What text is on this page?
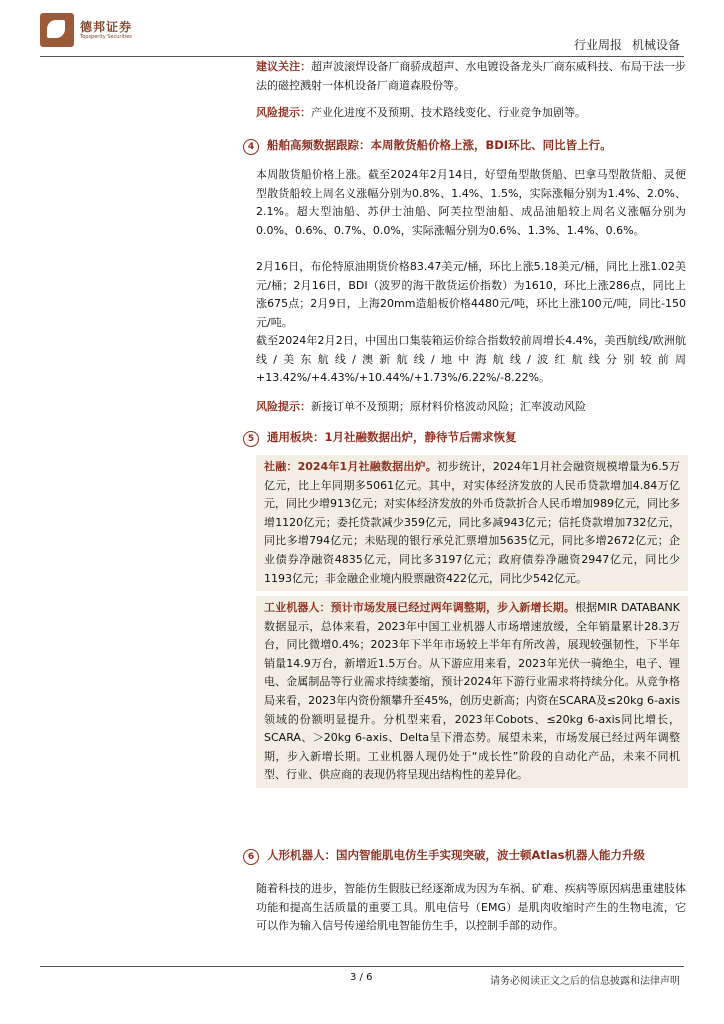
德邦证券
Topsperity Securities
行业周报 机械设备
建议关注：超声波滚焊设备厂商骄成超声、水电镀设备龙头厂商东威科技、布局干法一步法的磁控溅射一体机设备厂商道森股份等。
风险提示：产业化进度不及预期、技术路线变化、行业竞争加剧等。
4 船舶高频数据跟踪：本周散货船价格上涨，BDI环比、同比皆上行。
本周散货船价格上涨。截至2024年2月14日，好望角型散货船、巴拿马型散货船、灵便型散货船较上周名义涨幅分别为0.8%、1.4%、1.5%，实际涨幅分别为1.4%、2.0%、2.1%。超大型油船、苏伊士油船、阿芙拉型油船、成品油船较上周名义涨幅分别为0.0%、0.6%、0.7%、0.0%，实际涨幅分别为0.6%、1.3%、1.4%、0.6%。
2月16日，布伦特原油期货价格83.47美元/桶，环比上涨5.18美元/桶，同比上涨1.02美元/桶；2月16日，BDI（波罗的海干散货运价指数）为1610，环比上涨286点，同比上涨675点；2月9日，上海20mm造船板价格4480元/吨，环比上涨100元/吨，同比-150元/吨。
截至2024年2月2日，中国出口集装箱运价综合指数较前周增长4.4%，美西航线/欧洲航线/美东航线/澳新航线/地中海航线/波红航线分别较前周+13.42%/+4.43%/+10.44%/+1.73%/6.22%/-8.22%。
风险提示：新接订单不及预期；原材料价格波动风险；汇率波动风险
5 通用板块：1月社融数据出炉，静待节后需求恢复
社融：2024年1月社融数据出炉。初步统计，2024年1月社会融资规模增量为6.5万亿元，比上年同期多5061亿元。其中，对实体经济发放的人民币贷款增加4.84万亿元，同比少增913亿元；对实体经济发放的外币贷款折合人民币增加989亿元，同比多增1120亿元；委托贷款减少359亿元，同比多减943亿元；信托贷款增加732亿元，同比多增794亿元；未贴现的银行承兑汇票增加5635亿元，同比多增2672亿元；企业债券净融资4835亿元，同比多3197亿元；政府债券净融资2947亿元，同比少1193亿元；非金融企业境内股票融资422亿元，同比少542亿元。
工业机器人：预计市场发展已经过两年调整期，步入新增长期。根据MIR DATABANK数据显示，总体来看，2023年中国工业机器人市场增速放缓，全年销量累计28.3万台，同比微增0.4%；2023年下半年市场较上半年有所改善，展现较强韧性，下半年销量14.9万台，新增近1.5万台。从下游应用来看，2023年光伏一骑绝尘，电子、锂电、金属制品等行业需求持续萎缩，预计2024年下游行业需求将持续分化。从竞争格局来看，2023年内资份额攀升至45%，创历史新高；内资在SCARA及≤20kg 6-axis领域的份额明显提升。分机型来看，2023年Cobots、≤20kg 6-axis同比增长，SCARA、＞20kg 6-axis、Delta呈下滑态势。展望未来，市场发展已经过两年调整期，步入新增长期。工业机器人现仍处于“成长性”阶段的自动化产品，未来不同机型、行业、供应商的表现仍将呈现出结构性的差异化。
6 人形机器人：国内智能肌电仿生手实现突破，波士顿Atlas机器人能力升级
随着科技的进步，智能仿生假肢已经逐渐成为因为车祸、矿难、疾病等原因病患重建肢体功能和提高生活质量的重要工具。肌电信号（EMG）是肌肉收缩时产生的生物电流，它可以作为输入信号传递给肌电智能仿生手，以控制手部的动作。
3 / 6	请务必阅读正文之后的信息披露和法律声明
